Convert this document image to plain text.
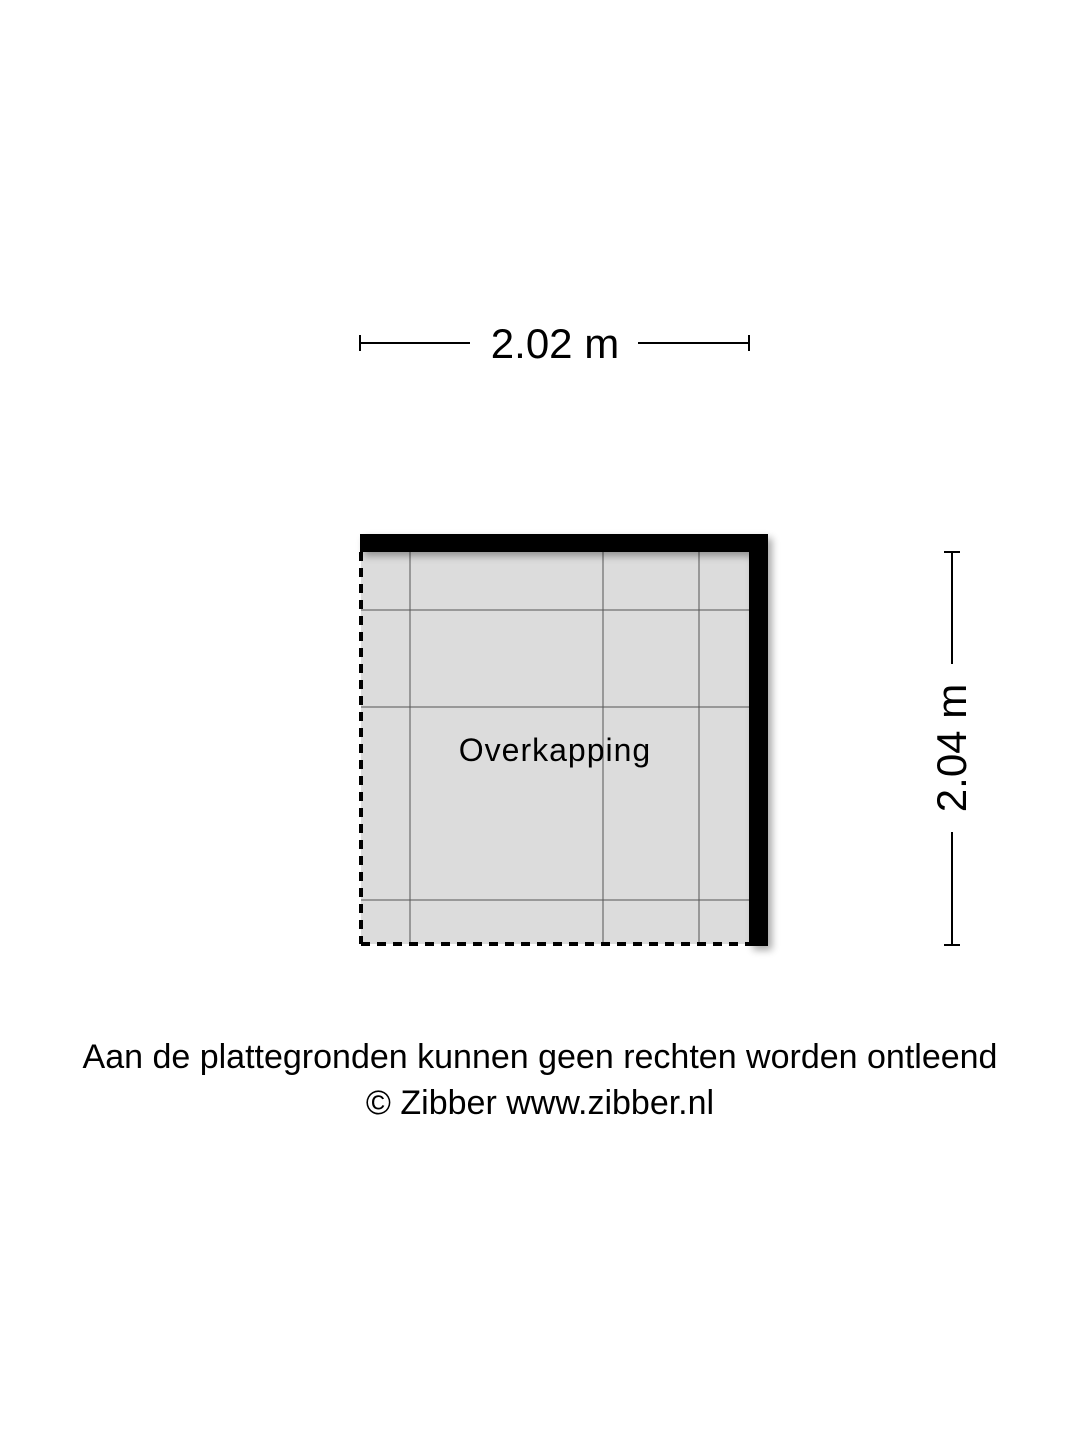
2.02 m
2.04 m
Overkapping
Aan de plattegronden kunnen geen rechten worden ontleend
© Zibber www.zibber.nl
